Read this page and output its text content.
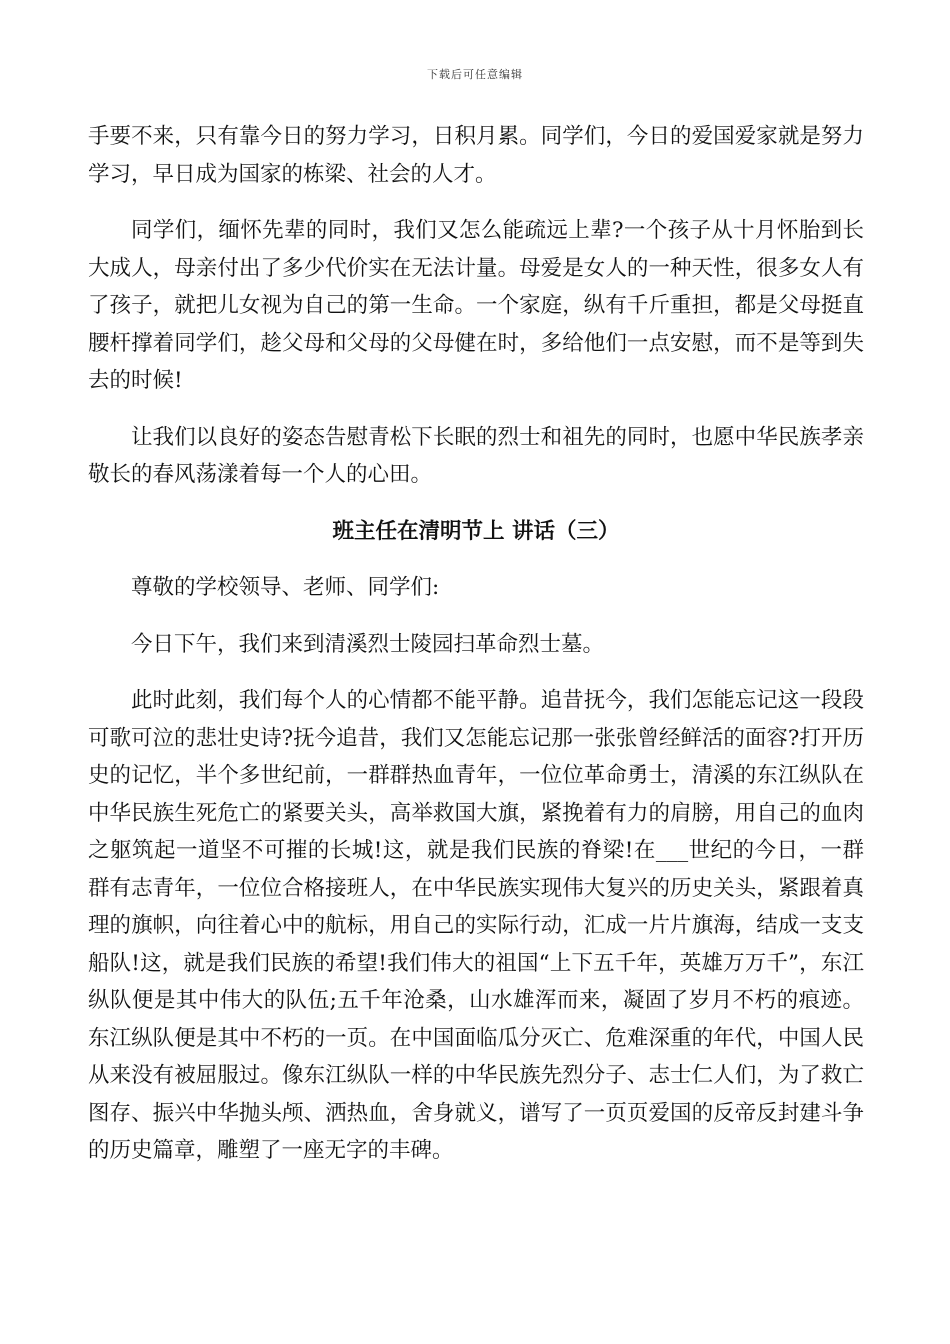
下载后可任意编辑

手要不来，只有靠今日的努力学习，日积月累。同学们，今日的爱国爱家就是努力学习，早日成为国家的栋梁、社会的人才。

同学们，缅怀先辈的同时，我们又怎么能疏远上辈?一个孩子从十月怀胎到长大成人，母亲付出了多少代价实在无法计量。母爱是女人的一种天性，很多女人有了孩子，就把儿女视为自己的第一生命。一个家庭，纵有千斤重担，都是父母挺直腰杆撑着同学们，趁父母和父母的父母健在时，多给他们一点安慰，而不是等到失去的时候!

让我们以良好的姿态告慰青松下长眠的烈士和祖先的同时，也愿中华民族孝亲敬长的春风荡漾着每一个人的心田。

班主任在清明节上 讲话（三）

尊敬的学校领导、老师、同学们:

今日下午，我们来到清溪烈士陵园扫革命烈士墓。

此时此刻，我们每个人的心情都不能平静。追昔抚今，我们怎能忘记这一段段可歌可泣的悲壮史诗?抚今追昔，我们又怎能忘记那一张张曾经鲜活的面容?打开历史的记忆，半个多世纪前，一群群热血青年，一位位革命勇士，清溪的东江纵队在中华民族生死危亡的紧要关头，高举救国大旗，紧挽着有力的肩膀，用自己的血肉之躯筑起一道坚不可摧的长城!这，就是我们民族的脊梁!在___世纪的今日，一群群有志青年，一位位合格接班人，在中华民族实现伟大复兴的历史关头，紧跟着真理的旗帜，向往着心中的航标，用自己的实际行动，汇成一片片旗海，结成一支支船队!这，就是我们民族的希望!我们伟大的祖国“上下五千年，英雄万万千”，东江纵队便是其中伟大的队伍;五千年沧桑，山水雄浑而来，凝固了岁月不朽的痕迹。东江纵队便是其中不朽的一页。在中国面临瓜分灭亡、危难深重的年代，中国人民从来没有被屈服过。像东江纵队一样的中华民族先烈分子、志士仁人们，为了救亡图存、振兴中华抛头颅、洒热血，舍身就义，谱写了一页页爱国的反帝反封建斗争的历史篇章，雕塑了一座无字的丰碑。
